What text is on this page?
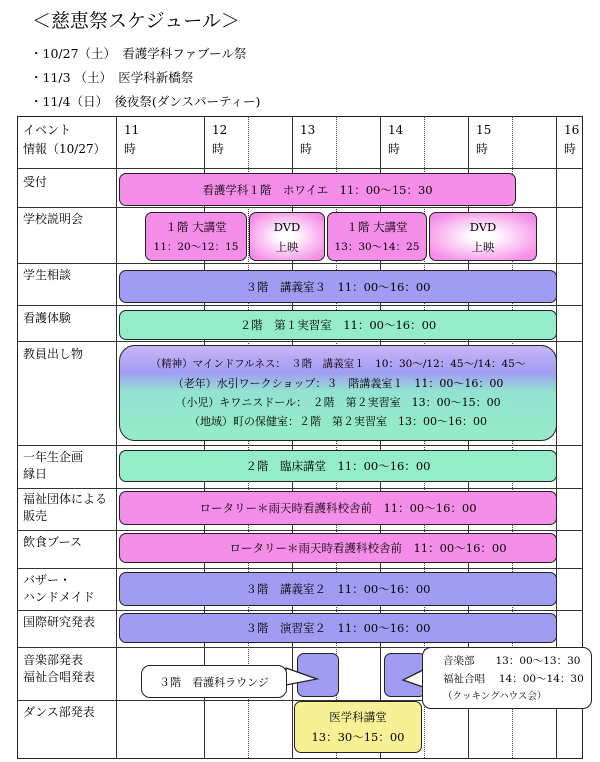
＜慈恵祭スケジュール＞
・10/27（土）　看護学科ファブール祭
・11/3 （土）　医学科新橋祭
・11/4（日）　後夜祭(ダンスパーティー)
イベント
情報（10/27）
11
時
12
時
13
時
14
時
15
時
16
時
受付
学校説明会
学生相談
看護体験
教員出し物
一年生企画
縁日
福祉団体による
販売
飲食ブース
バザー・
ハンドメイド
国際研究発表
音楽部発表
福祉合唱発表
ダンス部発表
看護学科１階　ホワイエ　11：00〜15：30
１階 大講堂
11：20〜12：15
DVD
上映
１階 大講堂
13：30〜14：25
DVD
上映
３階　講義室３　11：00〜16：00
２階　第１実習室　11：00〜16：00
（精神）マインドフルネス：　３階　講義室１　10：30〜/12：45〜/14：45〜
（老年）水引ワークショップ：３　階講義室１　11：00〜16：00
（小児）キワニスドール：　２階　第２実習室　13：00〜15：00
（地域）町の保健室：２階　第２実習室　13：00〜16：00
２階　臨床講堂　11：00〜16：00
ロータリー＊雨天時看護科校舎前　11：00〜16：00
ロータリー＊雨天時看護科校舎前　11：00〜16：00
３階　講義室２　11：00〜16：00
３階　演習室２　11：00〜16：00
３階　看護科ラウンジ
音楽部　　13：00〜13：30
福祉合唱　 14：00〜14：30
（クッキングハウス会）
医学科講堂
13：30〜15：00
